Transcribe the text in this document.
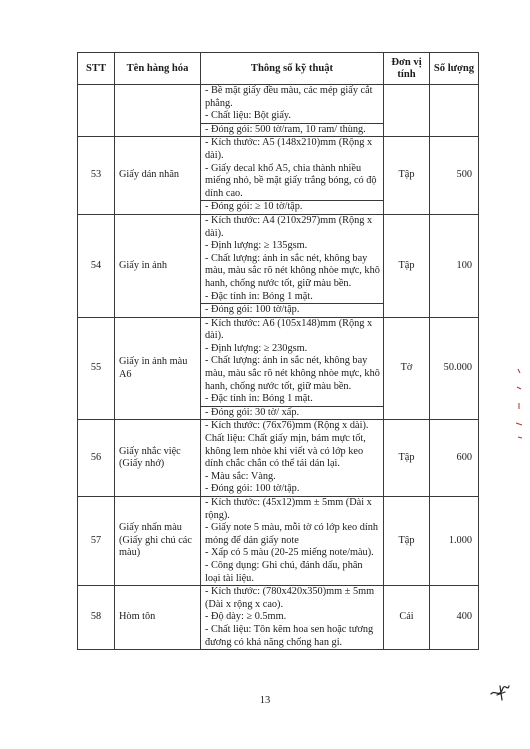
STT	Tên hàng hóa	Thông số kỹ thuật	Đơn vị tính	Số lượng

		- Bề mặt giấy đều màu, các mép giấy cắt phẳng.
- Chất liệu: Bột giấy.
- Đóng gói: 500 tờ/ram, 10 ram/ thùng.		

53	Giấy dán nhãn	- Kích thước: A5 (148x210)mm (Rộng x dài).
- Giấy decal khổ A5, chia thành nhiều miếng nhỏ, bề mặt giấy trắng bóng, có độ dính cao.
- Đóng gói: ≥ 10 tờ/tập.	Tập	500
54	Giấy in ảnh	- Kích thước: A4 (210x297)mm (Rộng x dài).
- Định lượng: ≥ 135gsm.
- Chất lượng: ảnh in sắc nét, không bay màu, màu sắc rõ nét không nhòe mực, khô hanh, chống nước tốt, giữ màu bền.
- Đặc tính in: Bóng 1 mặt.
- Đóng gói: 100 tờ/tập.	Tập	100
55	Giấy in ảnh màu A6	- Kích thước: A6 (105x148)mm (Rộng x dài).
- Định lượng: ≥ 230gsm.
- Chất lượng: ảnh in sắc nét, không bay màu, màu sắc rõ nét không nhòe mực, khô hanh, chống nước tốt, giữ màu bền.
- Đặc tính in: Bóng 1 mặt.
- Đóng gói: 30 tờ/ xấp.	Tờ	50.000
56	Giấy nhắc việc (Giấy nhớ)	- Kích thước: (76x76)mm (Rộng x dài). Chất liệu: Chất giấy mịn, bám mực tốt, không lem nhòe khi viết và có lớp keo dính chắc chắn có thể tái dán lại.
- Màu sắc: Vàng.
- Đóng gói: 100 tờ/tập.	Tập	600
57	Giấy nhấn màu (Giấy ghi chú các màu)	- Kích thước: (45x12)mm ± 5mm (Dài x rộng).
- Giấy note 5 màu, mỗi tờ có lớp keo dính mỏng để dán giấy note
- Xấp có 5 màu (20-25 miếng note/màu).
- Công dụng: Ghi chú, đánh dấu, phân loại tài liệu.	Tập	1.000
58	Hòm tôn	- Kích thước: (780x420x350)mm ± 5mm (Dài x rộng x cao).
- Độ dày: ≥ 0.5mm.
- Chất liệu: Tôn kẽm hoa sen hoặc tương đương có khả năng chống han gỉ.	Cái	400
13
